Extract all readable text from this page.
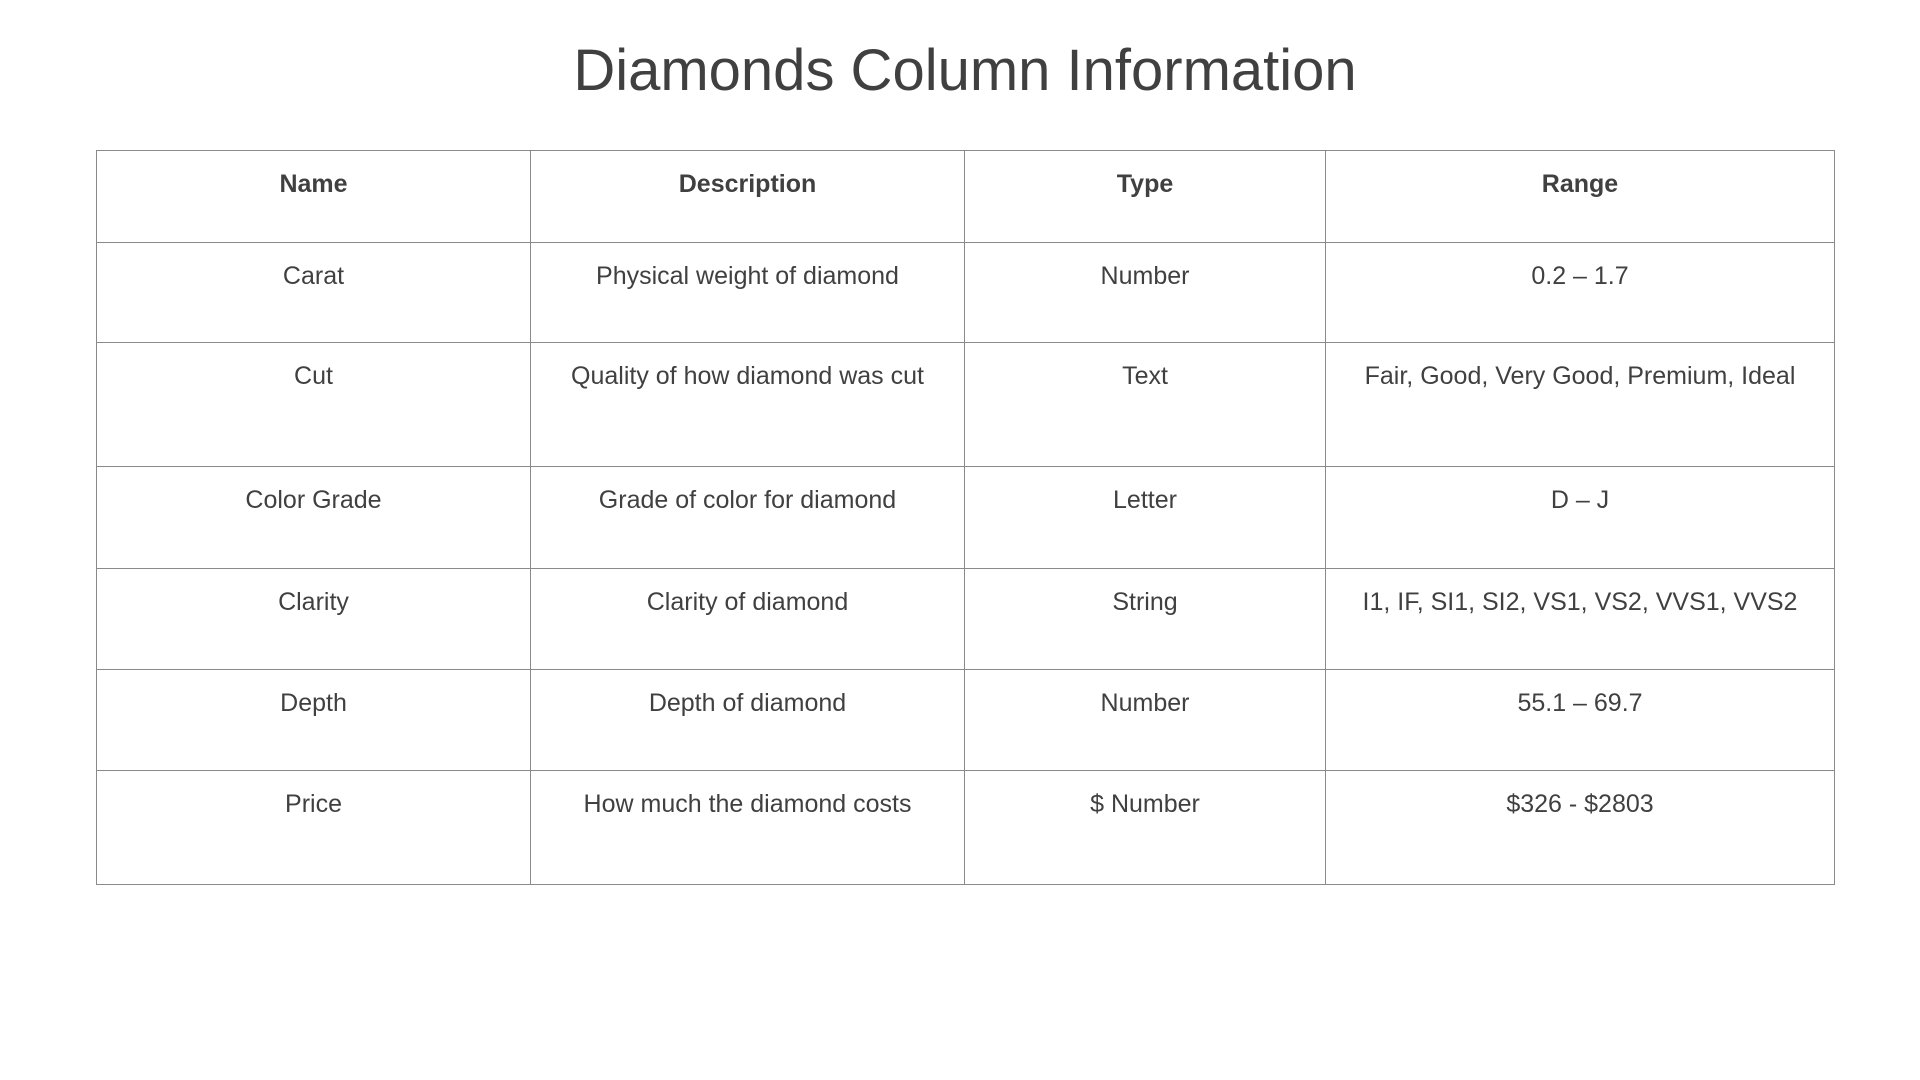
Diamonds Column Information
Name	Description	Type	Range
Carat	Physical weight of diamond	Number	0.2 – 1.7
Cut	Quality of how diamond was cut	Text	Fair, Good, Very Good, Premium, Ideal
Color Grade	Grade of color for diamond	Letter	D – J
Clarity	Clarity of diamond	String	I1, IF, SI1, SI2, VS1, VS2, VVS1, VVS2
Depth	Depth of diamond	Number	55.1 – 69.7
Price	How much the diamond costs	$ Number	$326 - $2803
